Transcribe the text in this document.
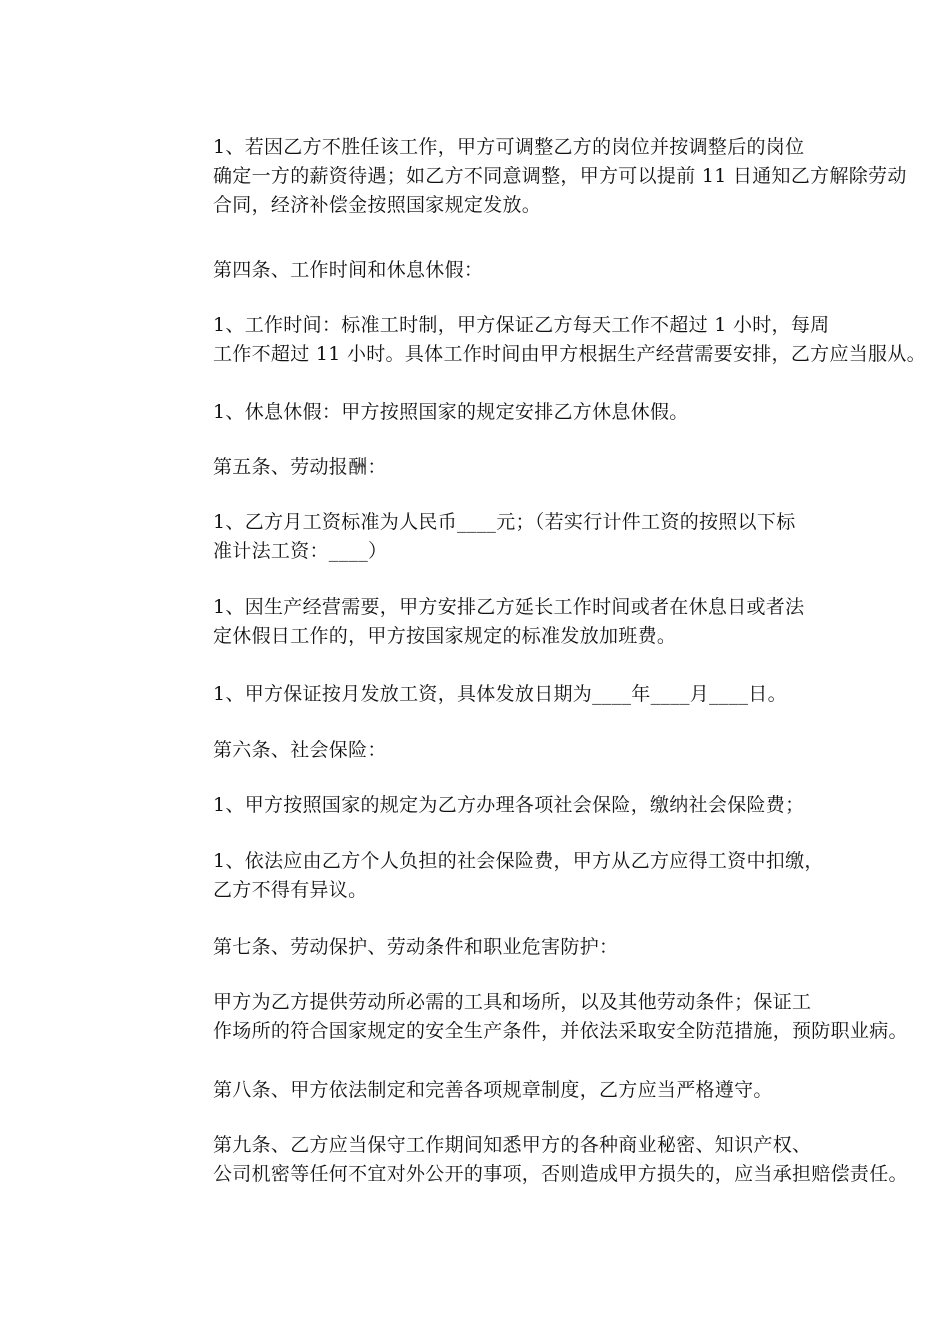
1、若因乙方不胜任该工作，甲方可调整乙方的岗位并按调整后的岗位
确定一方的薪资待遇；如乙方不同意调整，甲方可以提前 11 日通知乙方解除劳动
合同，经济补偿金按照国家规定发放。

第四条、工作时间和休息休假：

1、工作时间：标准工时制，甲方保证乙方每天工作不超过 1 小时，每周
工作不超过 11 小时。具体工作时间由甲方根据生产经营需要安排，乙方应当服从。

1、休息休假：甲方按照国家的规定安排乙方休息休假。

第五条、劳动报酬：

1、乙方月工资标准为人民币____元；（若实行计件工资的按照以下标
准计法工资：____）

1、因生产经营需要，甲方安排乙方延长工作时间或者在休息日或者法
定休假日工作的，甲方按国家规定的标准发放加班费。

1、甲方保证按月发放工资，具体发放日期为____年____月____日。

第六条、社会保险：

1、甲方按照国家的规定为乙方办理各项社会保险，缴纳社会保险费；

1、依法应由乙方个人负担的社会保险费，甲方从乙方应得工资中扣缴，
乙方不得有异议。

第七条、劳动保护、劳动条件和职业危害防护：

甲方为乙方提供劳动所必需的工具和场所，以及其他劳动条件；保证工
作场所的符合国家规定的安全生产条件，并依法采取安全防范措施，预防职业病。

第八条、甲方依法制定和完善各项规章制度，乙方应当严格遵守。

第九条、乙方应当保守工作期间知悉甲方的各种商业秘密、知识产权、
公司机密等任何不宜对外公开的事项，否则造成甲方损失的，应当承担赔偿责任。
